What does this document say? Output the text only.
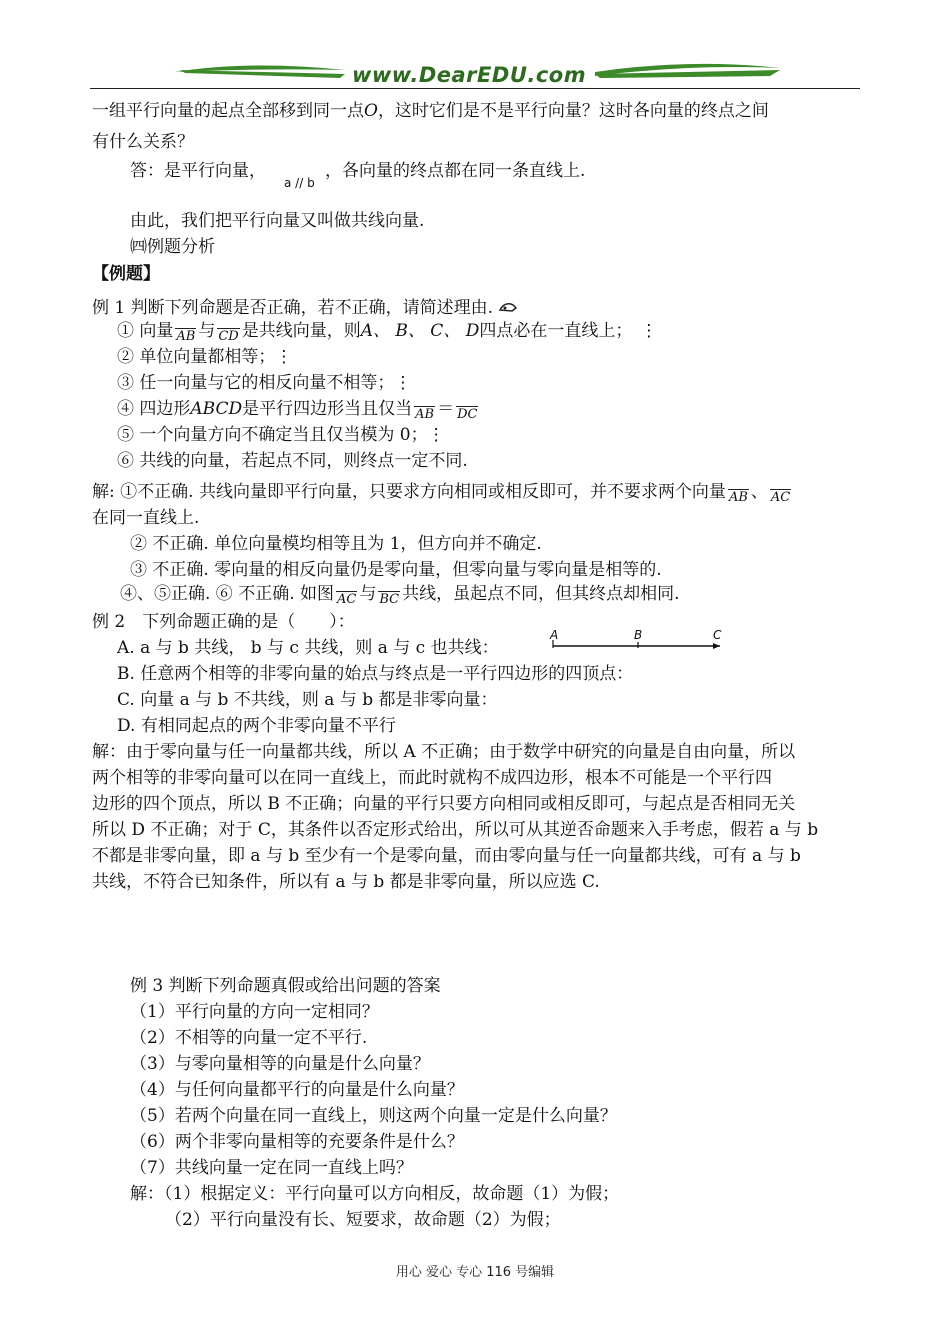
www.DearEDU.com
一组平行向量的起点全部移到同一点O，这时它们是不是平行向量？这时各向量的终点之间
有什么关系？
答：是平行向量，
a // b
，各向量的终点都在同一条直线上.
由此，我们把平行向量又叫做共线向量.
㈣例题分析
【例题】
例 1 判断下列命题是否正确，若不正确，请简述理由.
① 向量 AB 与 CD 是共线向量，则A、 B、 C、 D四点必在一直线上； ⋮
② 单位向量都相等；⋮
③ 任一向量与它的相反向量不相等；⋮
④ 四边形ABCD是平行四边形当且仅当 AB ＝ DC
⑤ 一个向量方向不确定当且仅当模为 0；⋮
⑥ 共线的向量，若起点不同，则终点一定不同.
解: ①不正确. 共线向量即平行向量，只要求方向相同或相反即可，并不要求两个向量 AB 、 AC
在同一直线上.
② 不正确. 单位向量模均相等且为 1，但方向并不确定.
③ 不正确. 零向量的相反向量仍是零向量，但零向量与零向量是相等的.
④、⑤正确. ⑥ 不正确. 如图 AC 与 BC 共线，虽起点不同，但其终点却相同.
例 2　下列命题正确的是（　　）：
A	B	C
A. a 与 b 共线， b 与 c 共线，则 a 与 c 也共线：
B. 任意两个相等的非零向量的始点与终点是一平行四边形的四顶点：
C. 向量 a 与 b 不共线，则 a 与 b 都是非零向量：
D. 有相同起点的两个非零向量不平行
解：由于零向量与任一向量都共线，所以 A 不正确；由于数学中研究的向量是自由向量，所以
两个相等的非零向量可以在同一直线上，而此时就构不成四边形，根本不可能是一个平行四
边形的四个顶点，所以 B 不正确；向量的平行只要方向相同或相反即可，与起点是否相同无关
所以 D 不正确；对于 C，其条件以否定形式给出，所以可从其逆否命题来入手考虑，假若 a 与 b
不都是非零向量，即 a 与 b 至少有一个是零向量，而由零向量与任一向量都共线，可有 a 与 b
共线，不符合已知条件，所以有 a 与 b 都是非零向量，所以应选 C.
例 3 判断下列命题真假或给出问题的答案
（1）平行向量的方向一定相同？
（2）不相等的向量一定不平行.
（3）与零向量相等的向量是什么向量？
（4）与任何向量都平行的向量是什么向量？
（5）若两个向量在同一直线上，则这两个向量一定是什么向量？
（6）两个非零向量相等的充要条件是什么？
（7）共线向量一定在同一直线上吗？
解：（1）根据定义：平行向量可以方向相反，故命题（1）为假；
（2）平行向量没有长、短要求，故命题（2）为假；
用心 爱心 专心 116 号编辑
